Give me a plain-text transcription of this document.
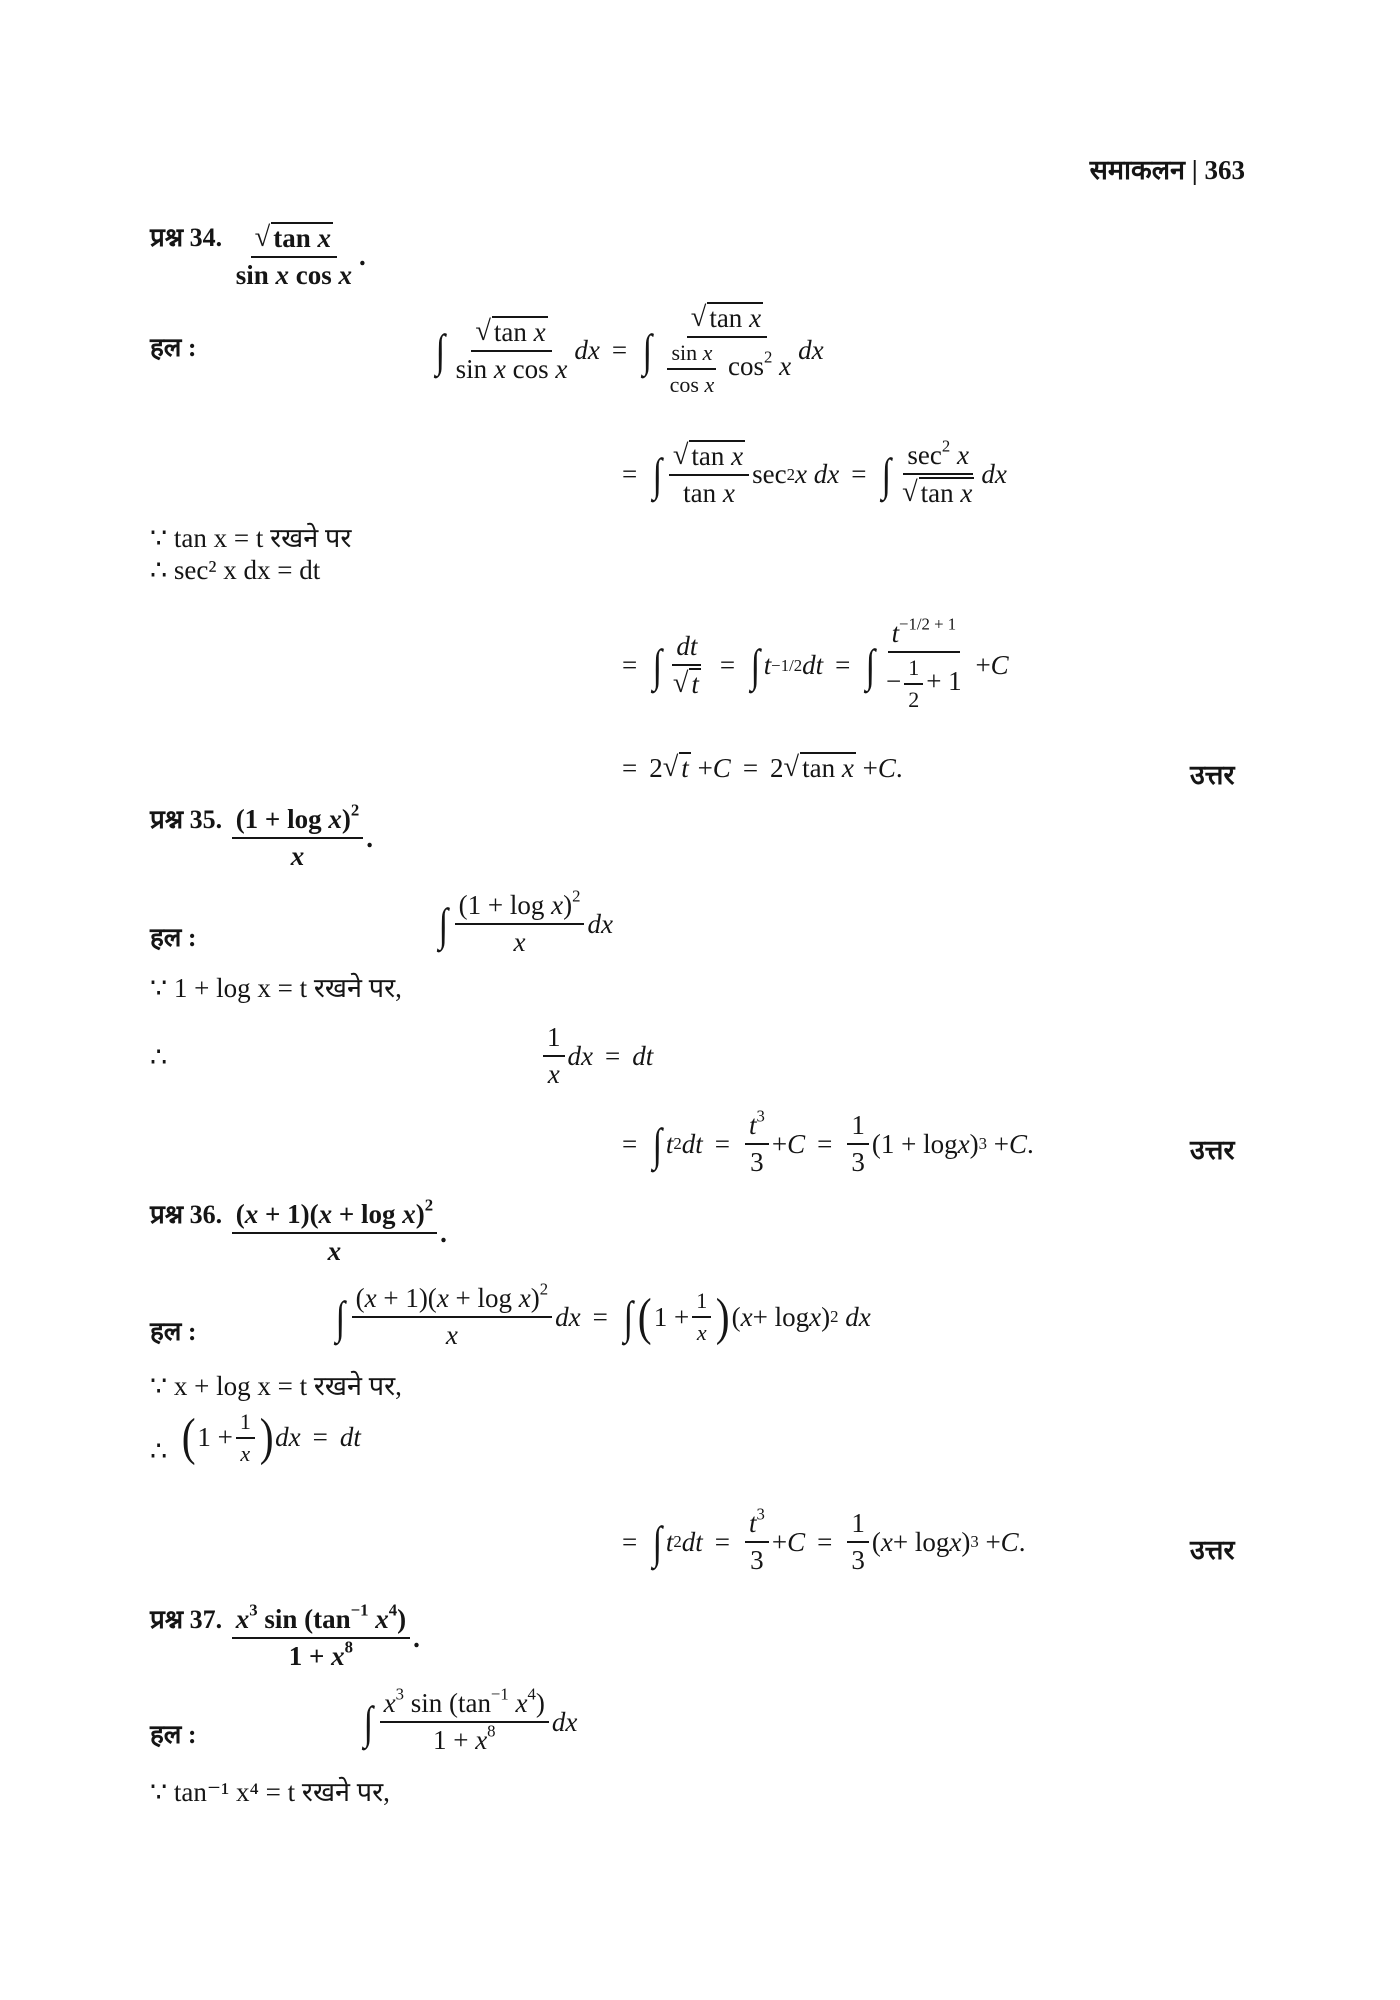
समाकलन | 363
प्रश्न 34. $\frac{\text{√ tan x}}{\text{sin x cos x}}$ .
हल :	∫ $\frac{\text{√ tan x}}{\text{sin x cos x}}$ dx = ∫ $\frac{\text{√ tan x}}{\frac{\text{sin x}}{\text{cos x}} \cos^2 x}$ dx
= ∫ $\frac{\text{√ tan x}}{\text{tan x}}$ sec 2 x
dx = ∫ $\frac{\sec^2 x}{\text{√ tan x}}$ dx
∵ tan x = t रखने पर
∴ sec² x dx = dt
= ∫ $\frac{dt}{√ t}$ = ∫ t −1/2 dt = ∫ $\frac{t^{-1/2 + 1}}{- \frac{1}{2} + 1} + C$
= 2 √ t + C = 2 √ tan x + C .	उत्तर
प्रश्न 35. $\frac{(1 + \log x)^2}{x}$ .
हल :	∫ $\frac{(1 + \log x)^2}{x}$ dx
∵ 1 + log x = t रखने पर,
∴	$\frac{1}{x}$ dx = dt
= ∫ t 2 dt = $\frac{t^3}{3} + C = \frac{1}{3} (1 + \log x$ ) 3 + C .	उत्तर
प्रश्न 36. $\frac{(x + 1)(x + \log x)^2}{x}$ .
हल :	∫ $\frac{(x + 1)(x + \log x)^2}{x}$ dx = ∫ ( $1 + \frac{1}{x}$ ) ( x + log x ) 2
dx
∵ x + log x = t रखने पर,
∴ ( $1 + \frac{1}{x}$ ) dx = dt
= ∫ t 2 dt = $\frac{t^3}{3} + C = \frac{1}{3}$ ( x + log x ) 3 + C .	उत्तर
प्रश्न 37. $\frac{x^3 \sin (\tan^{-1} x^4)}{1 + x^8}$ .
हल :	∫ $\frac{x^3 \sin (\tan^{-1} x^4)}{1 + x^8}$ dx
∵ tan⁻¹ x⁴ = t रखने पर,
